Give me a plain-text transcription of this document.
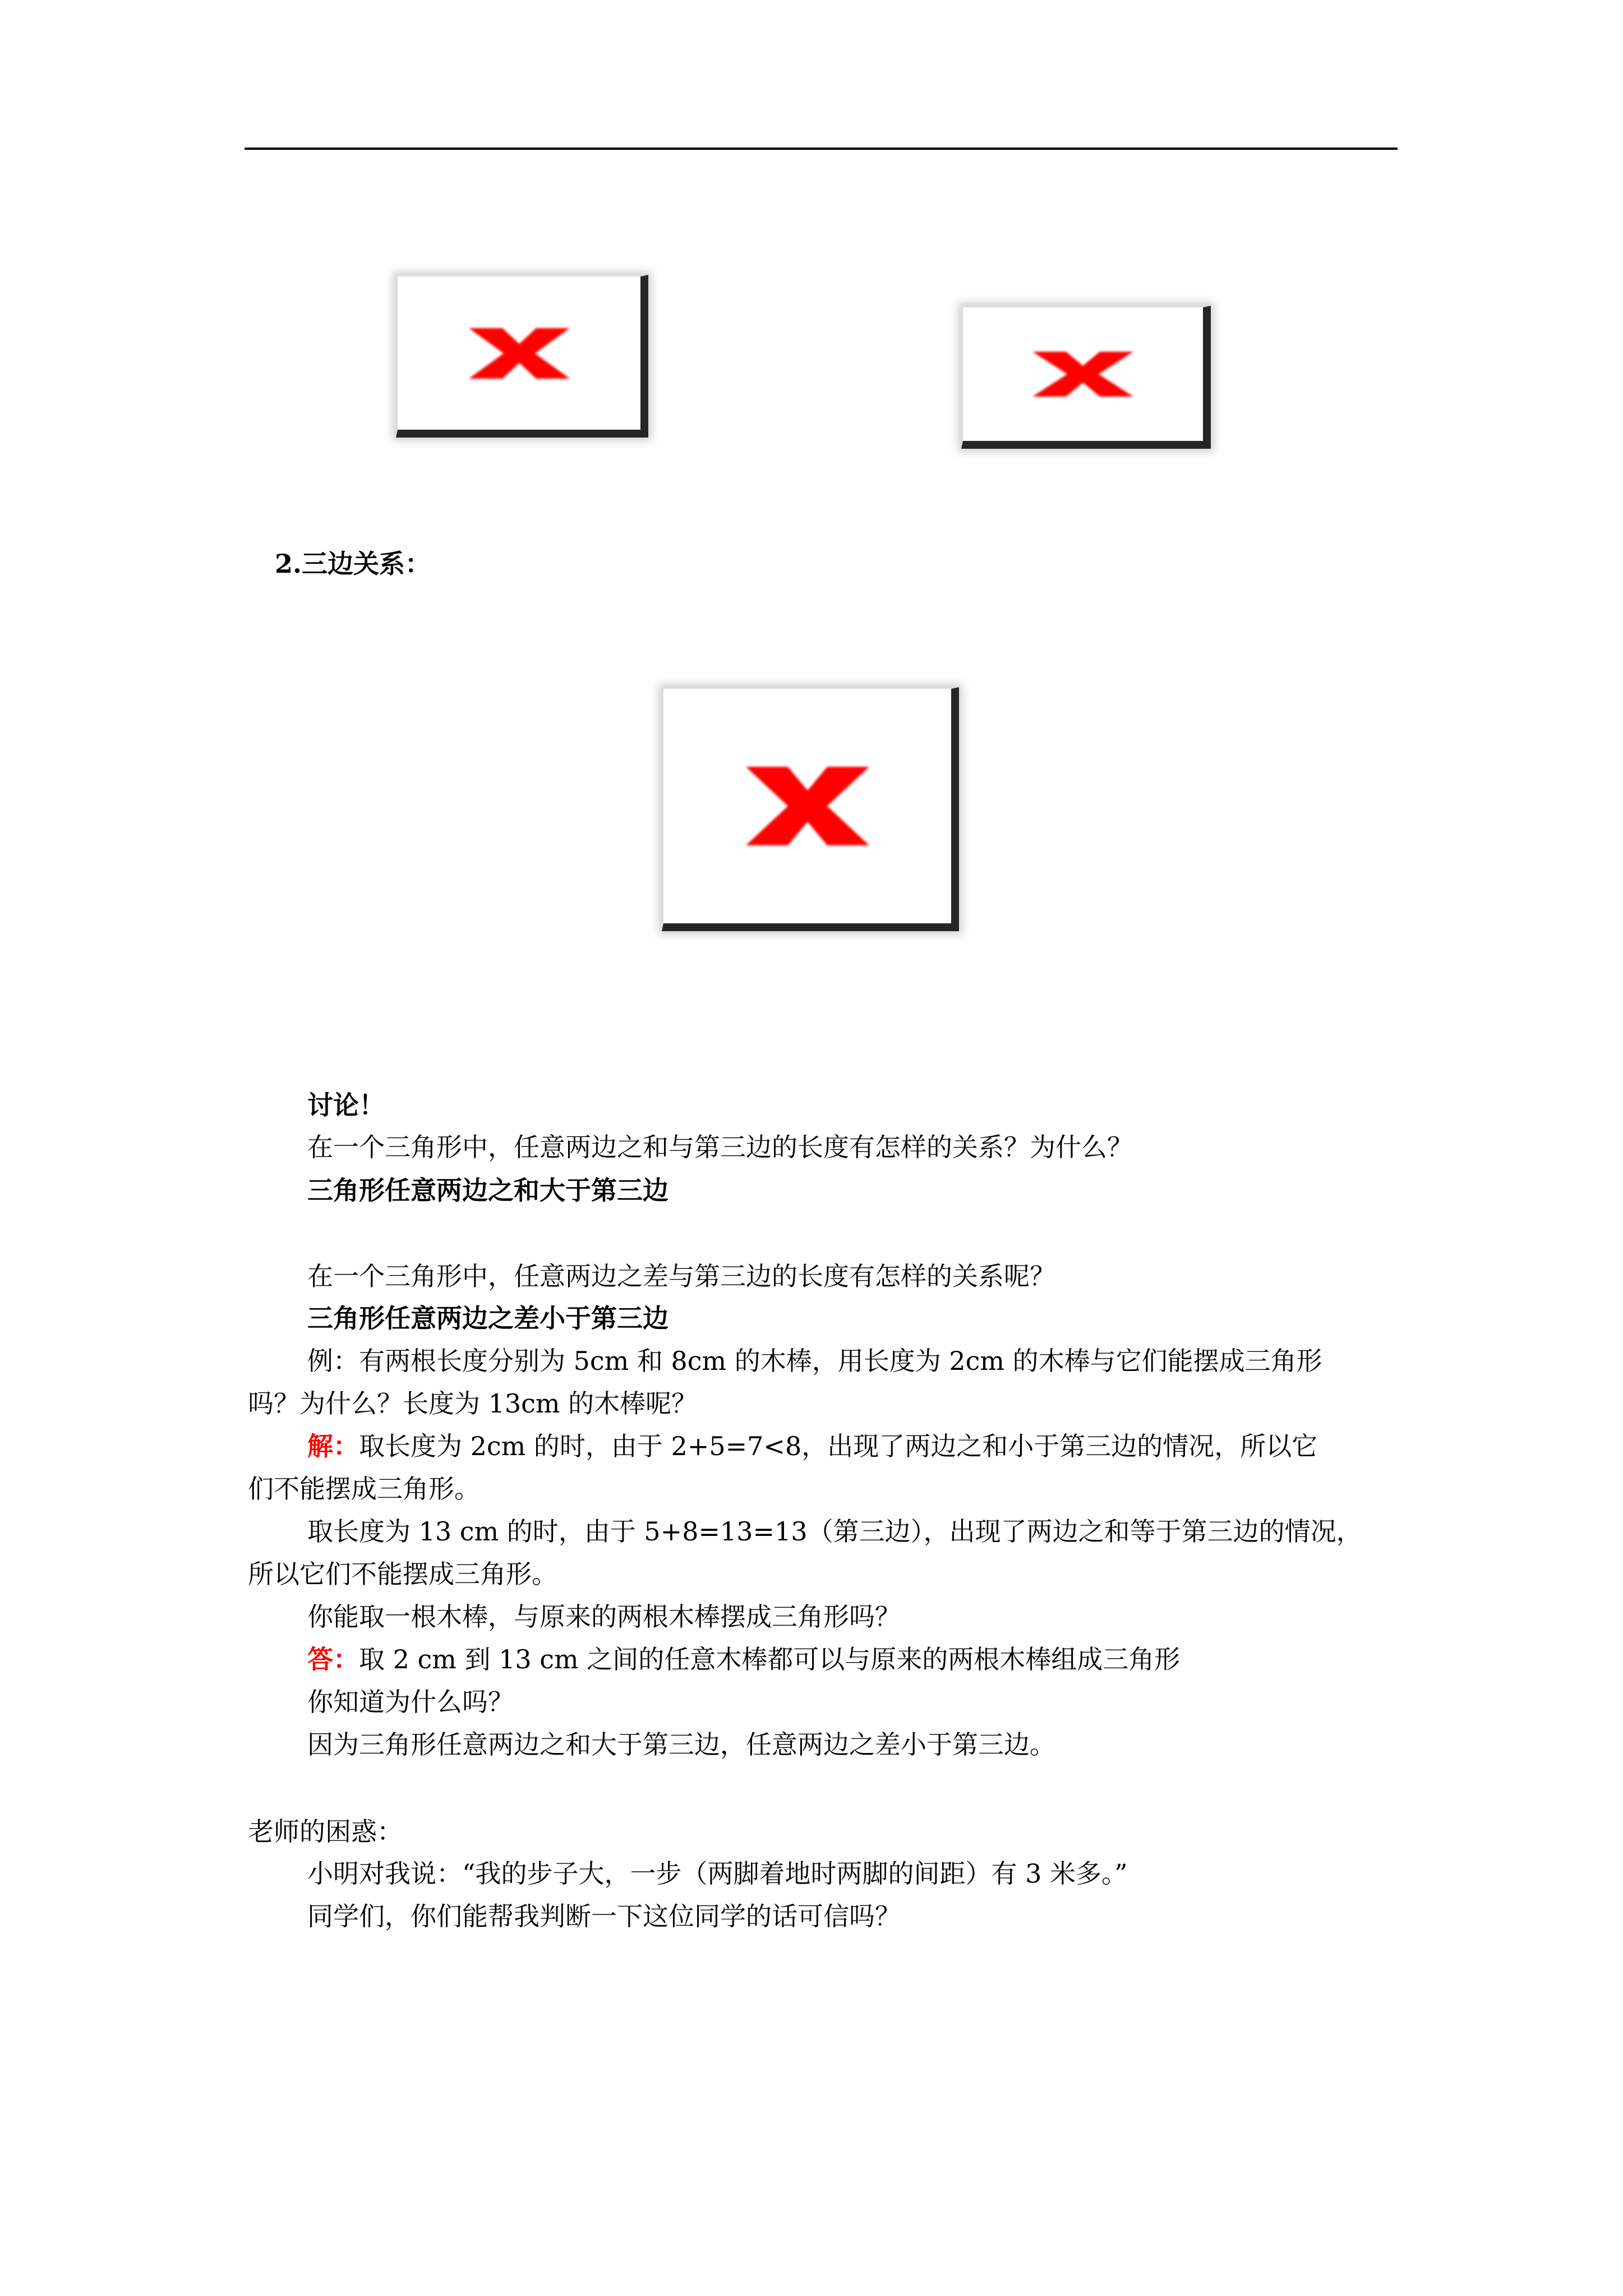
2.三边关系：
讨论！
在一个三角形中，任意两边之和与第三边的长度有怎样的关系？为什么？
三角形任意两边之和大于第三边
在一个三角形中，任意两边之差与第三边的长度有怎样的关系呢？
三角形任意两边之差小于第三边
例：有两根长度分别为 5cm 和 8cm 的木棒，用长度为 2cm 的木棒与它们能摆成三角形
吗？为什么？长度为 13cm 的木棒呢？
解：取长度为 2cm 的时，由于 2+5=7<8，出现了两边之和小于第三边的情况，所以它
们不能摆成三角形。
取长度为 13 cm 的时，由于 5+8=13=13（第三边），出现了两边之和等于第三边的情况，
所以它们不能摆成三角形。
你能取一根木棒，与原来的两根木棒摆成三角形吗？
答：取 2 cm 到 13 cm 之间的任意木棒都可以与原来的两根木棒组成三角形
你知道为什么吗？
因为三角形任意两边之和大于第三边，任意两边之差小于第三边。
老师的困惑：
小明对我说：“我的步子大，一步（两脚着地时两脚的间距）有 3 米多。”
同学们，你们能帮我判断一下这位同学的话可信吗？
